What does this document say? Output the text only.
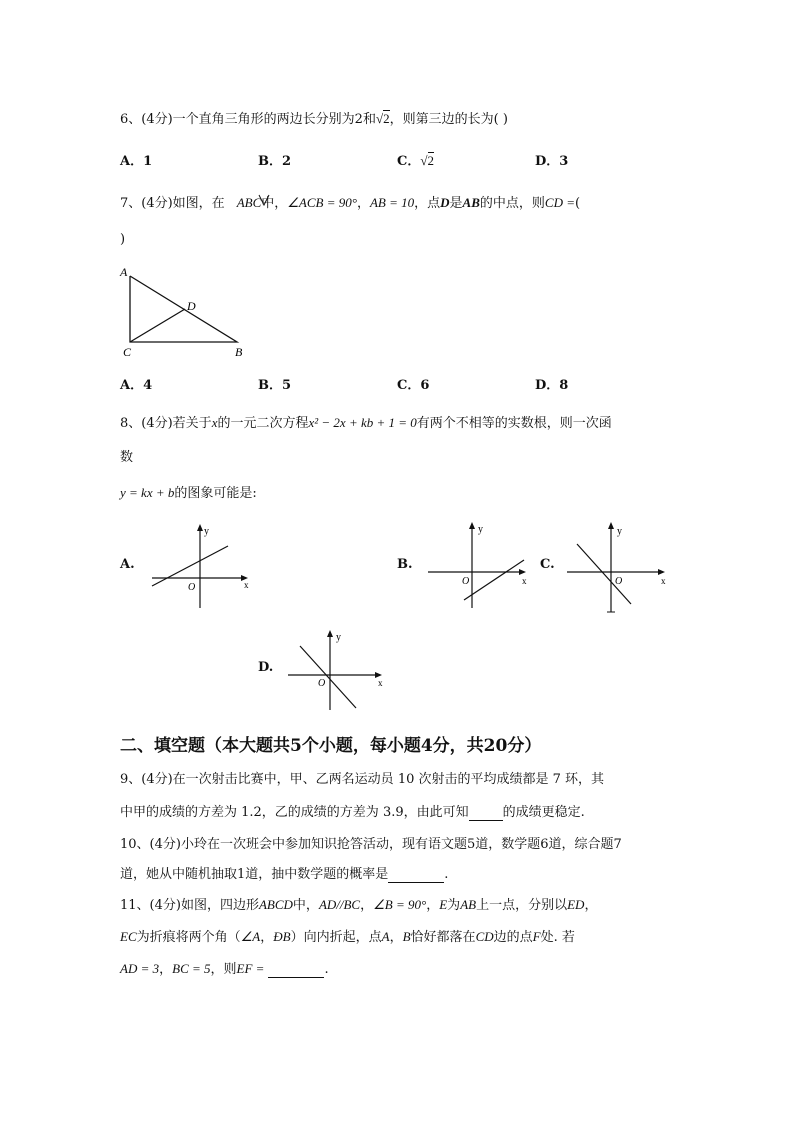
6、(4分)一个直角三角形的两边长分别为2和√2，则第三边的长为( )
A．1	B．2	C．√2	D．3
7、(4分)如图，在 ABC中，∠ACB = 90°，AB = 10，点D是AB的中点，则CD =(
)
A
D
C	B
A．4	B．5	C．6	D．8
8、(4分)若关于x的一元二次方程x² − 2x + kb + 1 = 0有两个不相等的实数根，则一次函
数
y = kx + b的图象可能是:
A.
y
O	x
B.
y
O	x
C.
y
O	x
D.
y
O	x
二、填空题（本大题共5个小题，每小题4分，共20分）
9、(4分)在一次射击比赛中，甲、乙两名运动员 10 次射击的平均成绩都是 7 环，其
中甲的成绩的方差为 1.2，乙的成绩的方差为 3.9，由此可知	的成绩更稳定.
10、(4分)小玲在一次班会中参加知识抢答活动，现有语文题5道，数学题6道，综合题7
道，她从中随机抽取1道，抽中数学题的概率是	.
11、(4分)如图，四边形ABCD中，AD//BC，∠B = 90°，E为AB上一点，分别以ED，
EC为折痕将两个角（∠A，ÐB）向内折起，点A，B恰好都落在CD边的点F处. 若
AD = 3，BC = 5，则EF =	.
